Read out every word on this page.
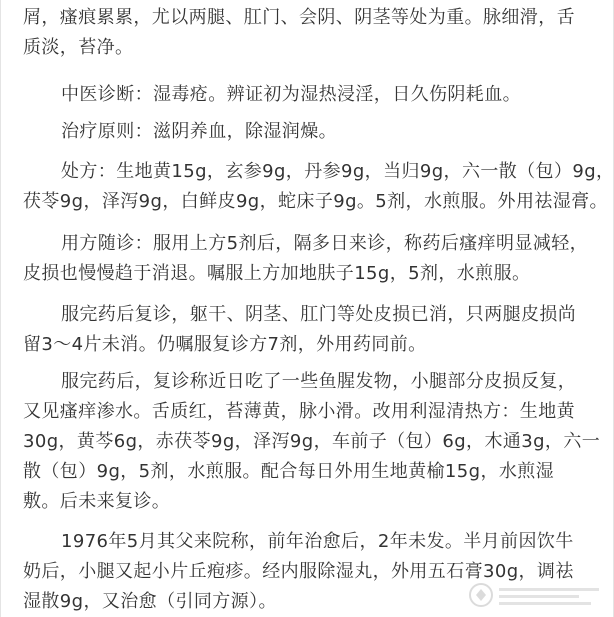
屑，瘙痕累累，尤以两腿、肛门、会阴、阴茎等处为重。脉细滑，舌
质淡，苔净。

中医诊断：湿毒疮。辨证初为湿热浸淫，日久伤阴耗血。

治疗原则：滋阴养血，除湿润燥。

处方：生地黄15g，玄参9g，丹参9g，当归9g，六一散（包）9g，
茯苓9g，泽泻9g，白鲜皮9g，蛇床子9g。5剂，水煎服。外用祛湿膏。

用方随诊：服用上方5剂后，隔多日来诊，称药后瘙痒明显减轻，
皮损也慢慢趋于消退。嘱服上方加地肤子15g，5剂，水煎服。

服完药后复诊，躯干、阴茎、肛门等处皮损已消，只两腿皮损尚
留3～4片未消。仍嘱服复诊方7剂，外用药同前。

服完药后，复诊称近日吃了一些鱼腥发物，小腿部分皮损反复，
又见瘙痒渗水。舌质红，苔薄黄，脉小滑。改用利湿清热方：生地黄
30g，黄芩6g，赤茯苓9g，泽泻9g，车前子（包）6g，木通3g，六一
散（包）9g，5剂，水煎服。配合每日外用生地黄榆15g，水煎湿
敷。后未来复诊。

1976年5月其父来院称，前年治愈后，2年未发。半月前因饮牛
奶后，小腿又起小片丘疱疹。经内服除湿丸，外用五石膏30g，调祛
湿散9g，又治愈（引同方源）。
